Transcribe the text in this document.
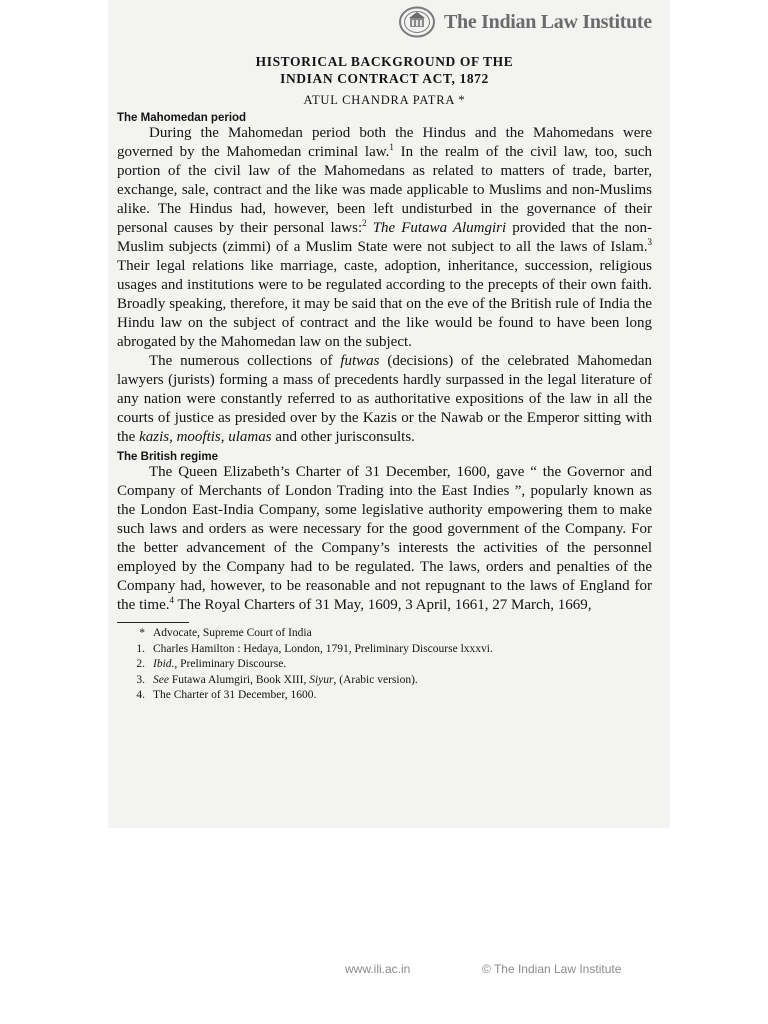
The Indian Law Institute

HISTORICAL BACKGROUND OF THE

INDIAN CONTRACT ACT, 1872

ATUL CHANDRA PATRA *

The Mahomedan period

During the Mahomedan period both the Hindus and the Mahomedans were governed by the Mahomedan criminal law.$^1$ In the realm of the civil law, too, such portion of the civil law of the Mahomedans as related to matters of trade, barter, exchange, sale, contract and the like was made applicable to Muslims and non-Muslims alike. The Hindus had, however, been left undisturbed in the governance of their personal causes by their personal laws:$^2$ The Futawa Alumgiri provided that the non-Muslim subjects (zimmi) of a Muslim State were not subject to all the laws of Islam.$^3$ Their legal relations like marriage, caste, adoption, inheritance, succession, religious usages and institutions were to be regulated according to the precepts of their own faith. Broadly speaking, therefore, it may be said that on the eve of the British rule of India the Hindu law on the subject of contract and the like would be found to have been long abrogated by the Mahomedan law on the subject.

The numerous collections of futwas (decisions) of the celebrated Mahomedan lawyers (jurists) forming a mass of precedents hardly surpassed in the legal literature of any nation were constantly referred to as authoritative expositions of the law in all the courts of justice as presided over by the Kazis or the Nawab or the Emperor sitting with the kazis, mooftis, ulamas and other jurisconsults.

The British regime

The Queen Elizabeth’s Charter of 31 December, 1600, gave “ the Governor and Company of Merchants of London Trading into the East Indies ”, popularly known as the London East-India Company, some legislative authority empowering them to make such laws and orders as were necessary for the good government of the Company. For the better advancement of the Company’s interests the activities of the personnel employed by the Company had to be regulated. The laws, orders and penalties of the Company had, however, to be reasonable and not repugnant to the laws of England for the time.$^4$ The Royal Charters of 31 May, 1609, 3 April, 1661, 27 March, 1669,

* Advocate, Supreme Court of India
1. Charles Hamilton : Hedaya, London, 1791, Preliminary Discourse lxxxvi.
2. Ibid., Preliminary Discourse.
3. See Futawa Alumgiri, Book XIII, Siyur, (Arabic version).
4. The Charter of 31 December, 1600.
www.ili.ac.in	© The Indian Law Institute
